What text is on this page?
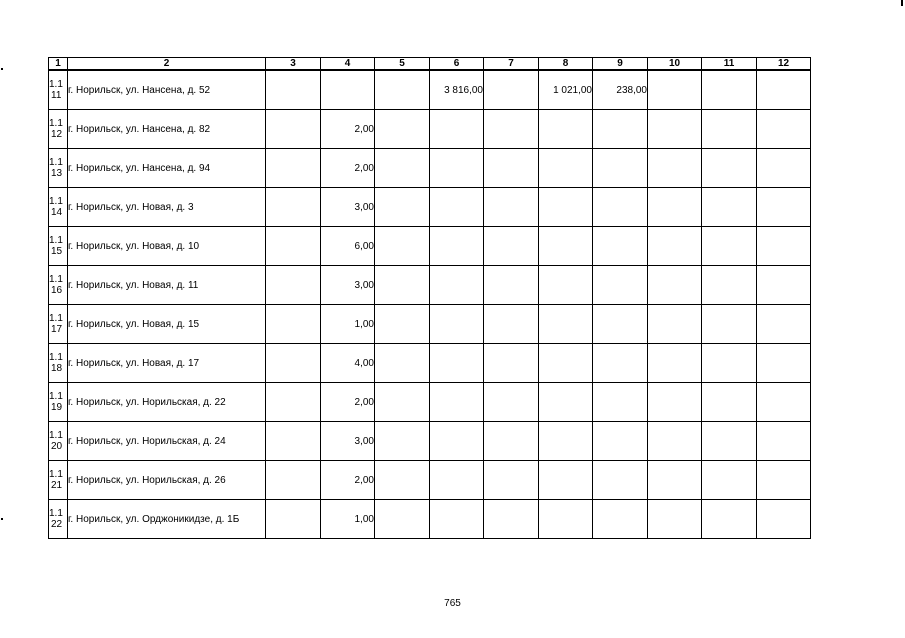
1	2	3	4	5	6	7	8	9	10	11	12

1.1
11	г. Норильск, ул. Нансена, д. 52				3 816,00		1 021,00	238,00			

1.1
12	г. Норильск, ул. Нансена, д. 82		2,00								

1.1
13	г. Норильск, ул. Нансена, д. 94		2,00								

1.1
14	г. Норильск, ул. Новая, д. 3		3,00								

1.1
15	г. Норильск, ул. Новая, д. 10		6,00								

1.1
16	г. Норильск, ул. Новая, д. 11		3,00								

1.1
17	г. Норильск, ул. Новая, д. 15		1,00								

1.1
18	г. Норильск, ул. Новая, д. 17		4,00								

1.1
19	г. Норильск, ул. Норильская, д. 22		2,00								

1.1
20	г. Норильск, ул. Норильская, д. 24		3,00								

1.1
21	г. Норильск, ул. Норильская, д. 26		2,00								

1.1
22	г. Норильск, ул. Орджоникидзе, д. 1Б		1,00								
765
